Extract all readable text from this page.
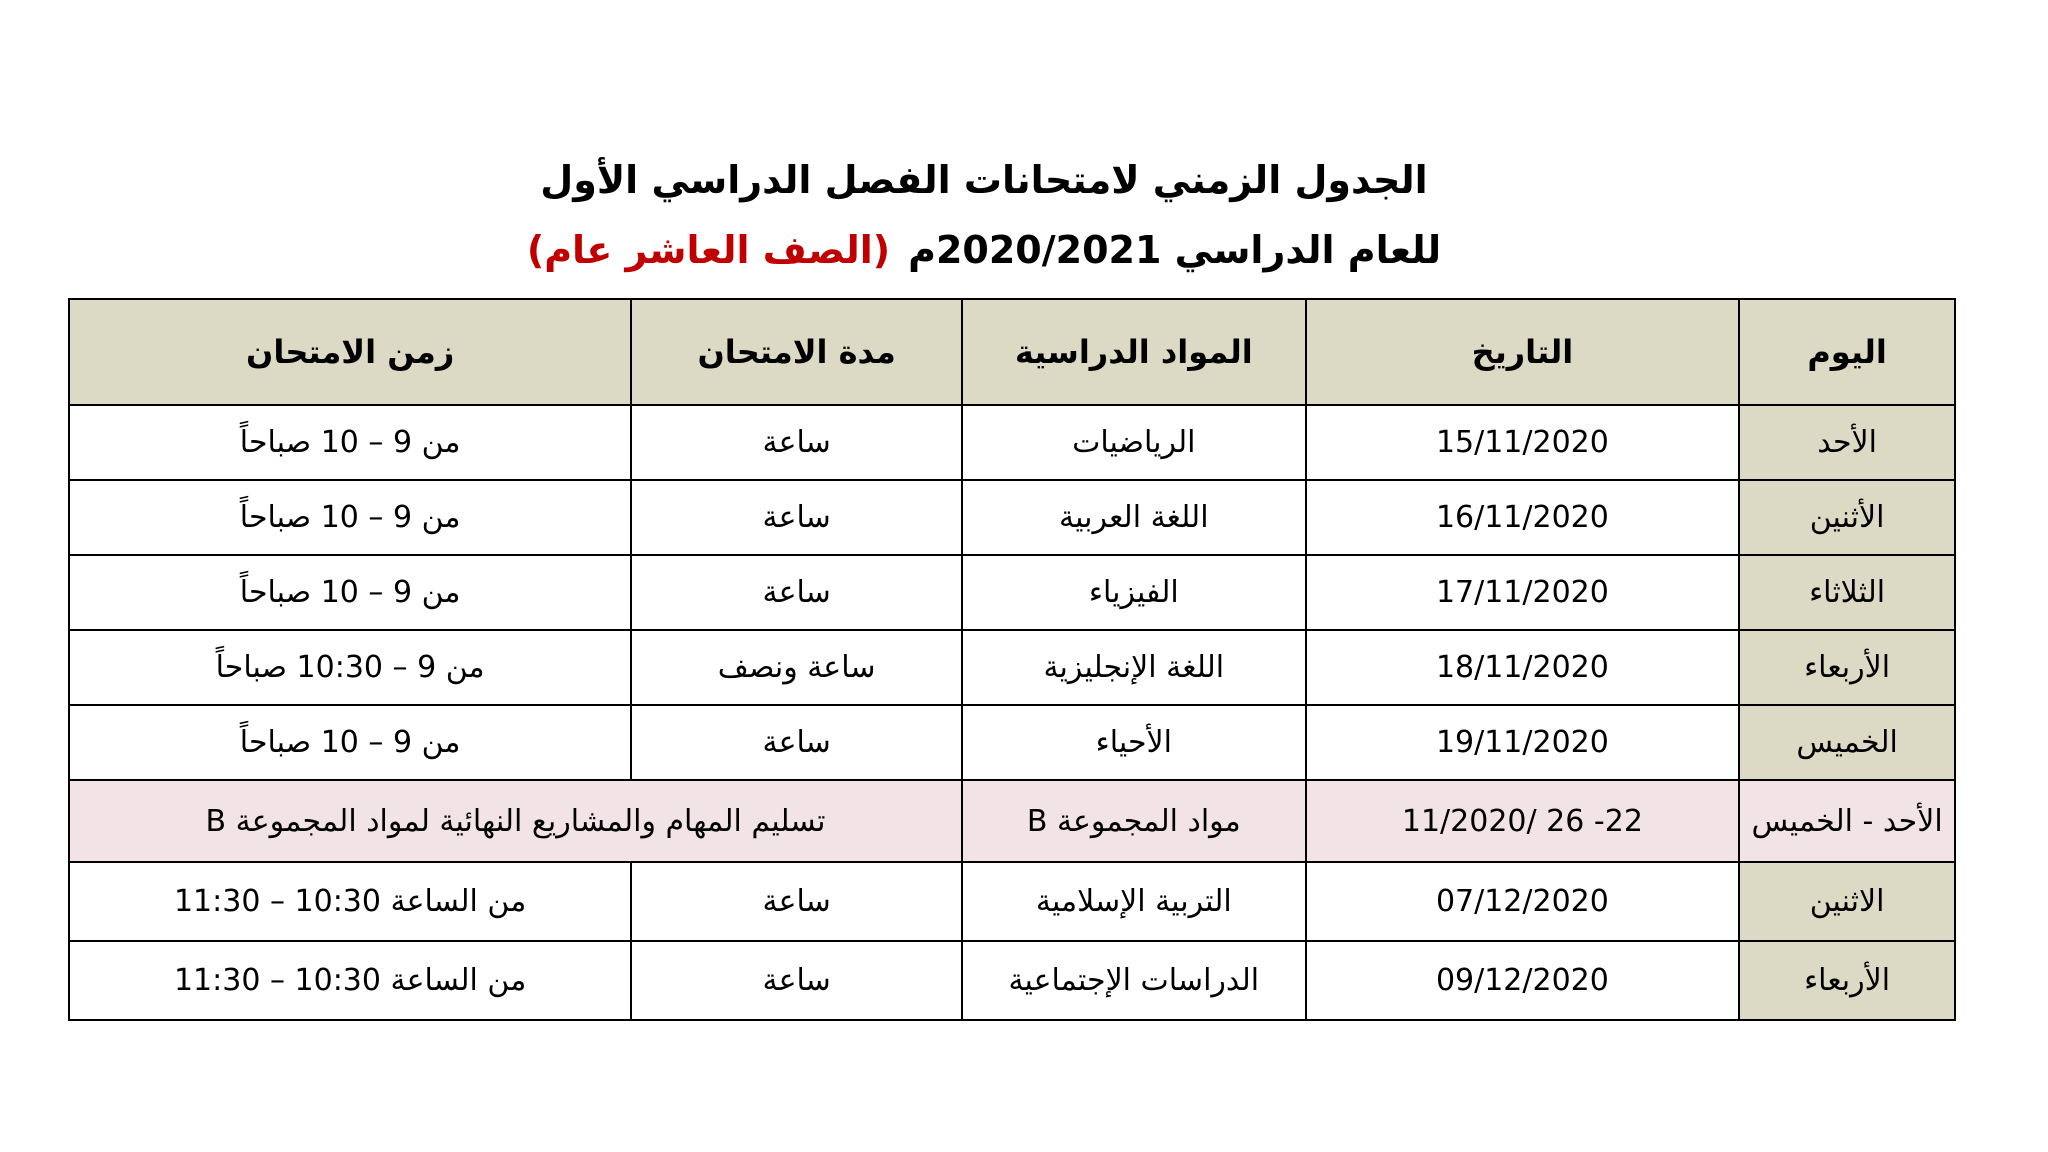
الجدول الزمني لامتحانات الفصل الدراسي الأول
للعام الدراسي 2020/2021م(الصف العاشر عام)
اليوم	التاريخ	المواد الدراسية	مدة الامتحان	زمن الامتحان
الأحد	15/11/2020	الرياضيات	ساعة	من 9 – 10 صباحاً
الأثنين	16/11/2020	اللغة العربية	ساعة	من 9 – 10 صباحاً
الثلاثاء	17/11/2020	الفيزياء	ساعة	من 9 – 10 صباحاً
الأربعاء	18/11/2020	اللغة الإنجليزية	ساعة ونصف	من 9 – 10:30 صباحاً
الخميس	19/11/2020	الأحياء	ساعة	من 9 – 10 صباحاً
الأحد - الخميس	22- 26 /11/2020	مواد المجموعة B	تسليم المهام والمشاريع النهائية لمواد المجموعة B	
الاثنين	07/12/2020	التربية الإسلامية	ساعة	من الساعة 10:30 – 11:30
الأربعاء	09/12/2020	الدراسات الإجتماعية	ساعة	من الساعة 10:30 – 11:30
